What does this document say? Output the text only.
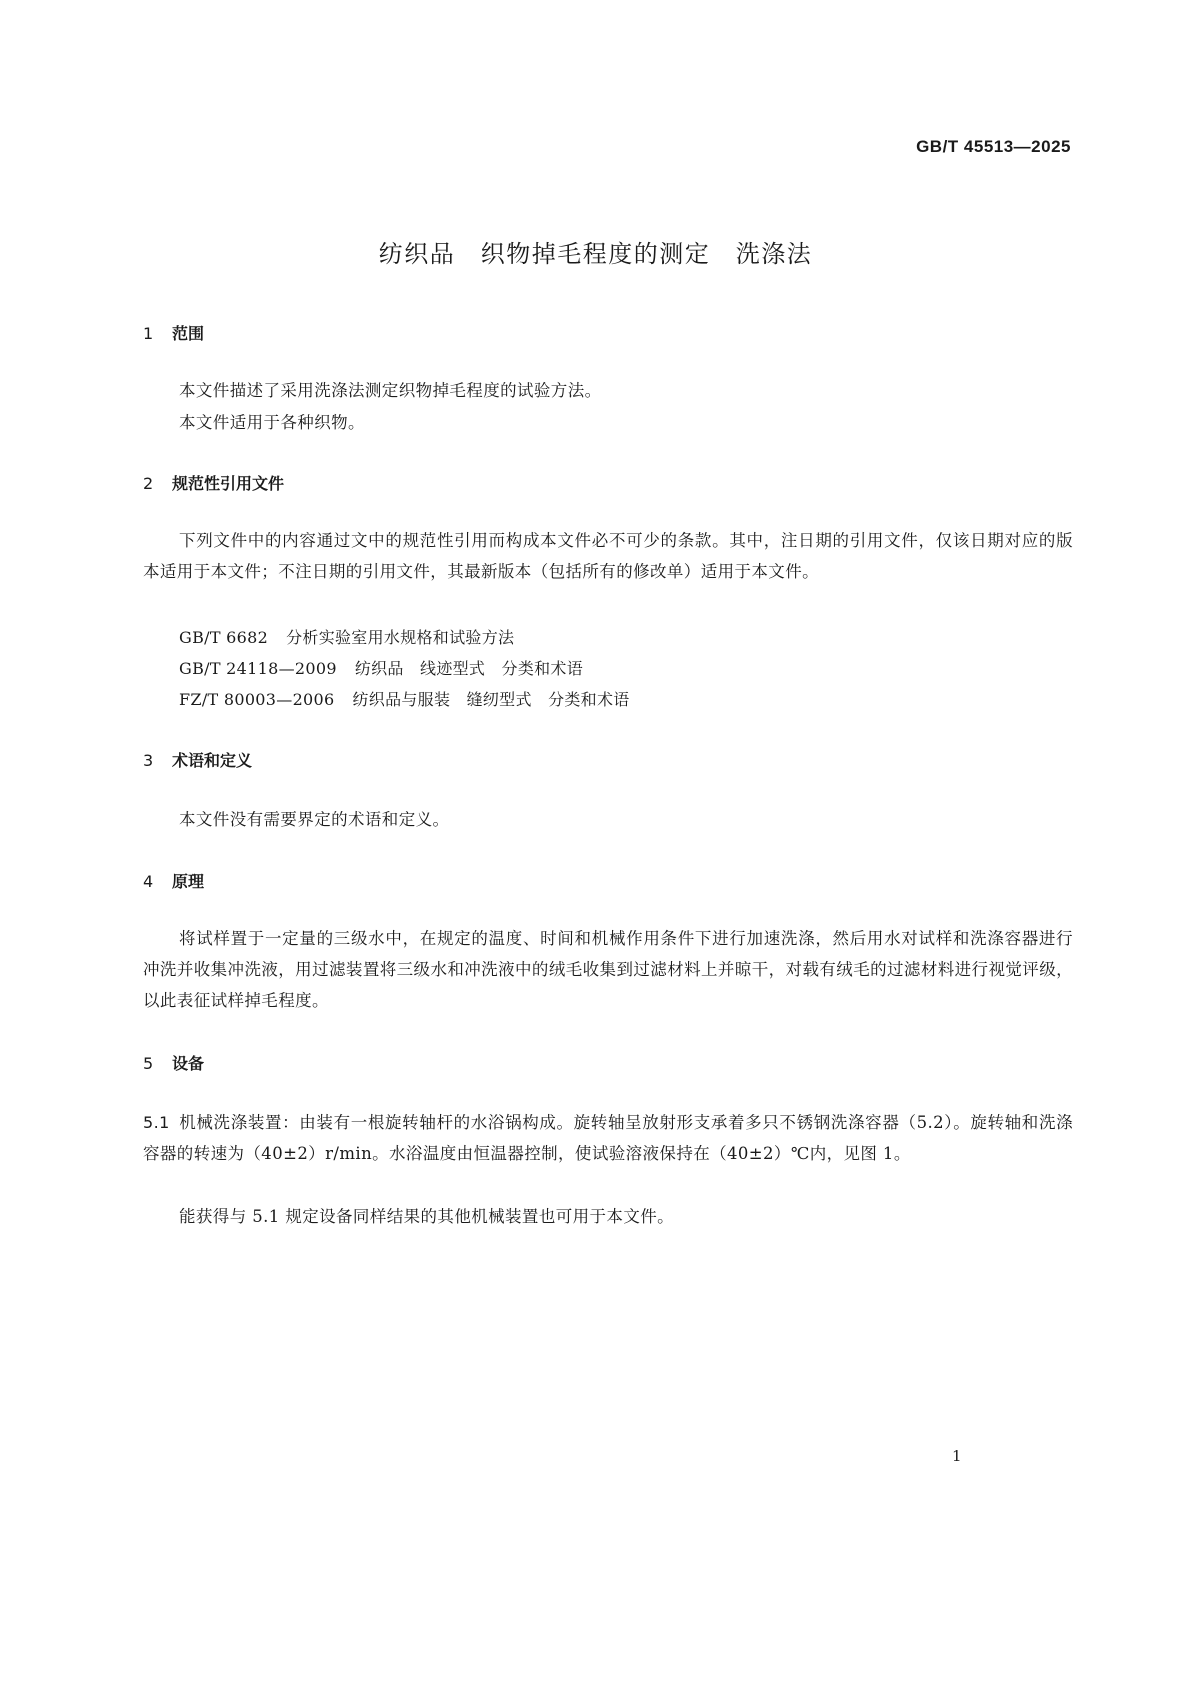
GB/T 45513—2025
纺织品　织物掉毛程度的测定　洗涤法
1 范围
本文件描述了采用洗涤法测定织物掉毛程度的试验方法。
本文件适用于各种织物。
2 规范性引用文件
下列文件中的内容通过文中的规范性引用而构成本文件必不可少的条款。其中，注日期的引用文件，仅该日期对应的版本适用于本文件；不注日期的引用文件，其最新版本（包括所有的修改单）适用于本文件。
GB/T 6682 分析实验室用水规格和试验方法
GB/T 24118—2009 纺织品　线迹型式　分类和术语
FZ/T 80003—2006 纺织品与服装　缝纫型式　分类和术语
3 术语和定义
本文件没有需要界定的术语和定义。
4 原理
将试样置于一定量的三级水中，在规定的温度、时间和机械作用条件下进行加速洗涤，然后用水对试样和洗涤容器进行冲洗并收集冲洗液，用过滤装置将三级水和冲洗液中的绒毛收集到过滤材料上并晾干，对载有绒毛的过滤材料进行视觉评级，以此表征试样掉毛程度。
5 设备
5.1 机械洗涤装置：由装有一根旋转轴杆的水浴锅构成。旋转轴呈放射形支承着多只不锈钢洗涤容器（5.2）。旋转轴和洗涤容器的转速为（40±2）r/min。水浴温度由恒温器控制，使试验溶液保持在（40±2）℃内，见图 1。
能获得与 5.1 规定设备同样结果的其他机械装置也可用于本文件。
1
